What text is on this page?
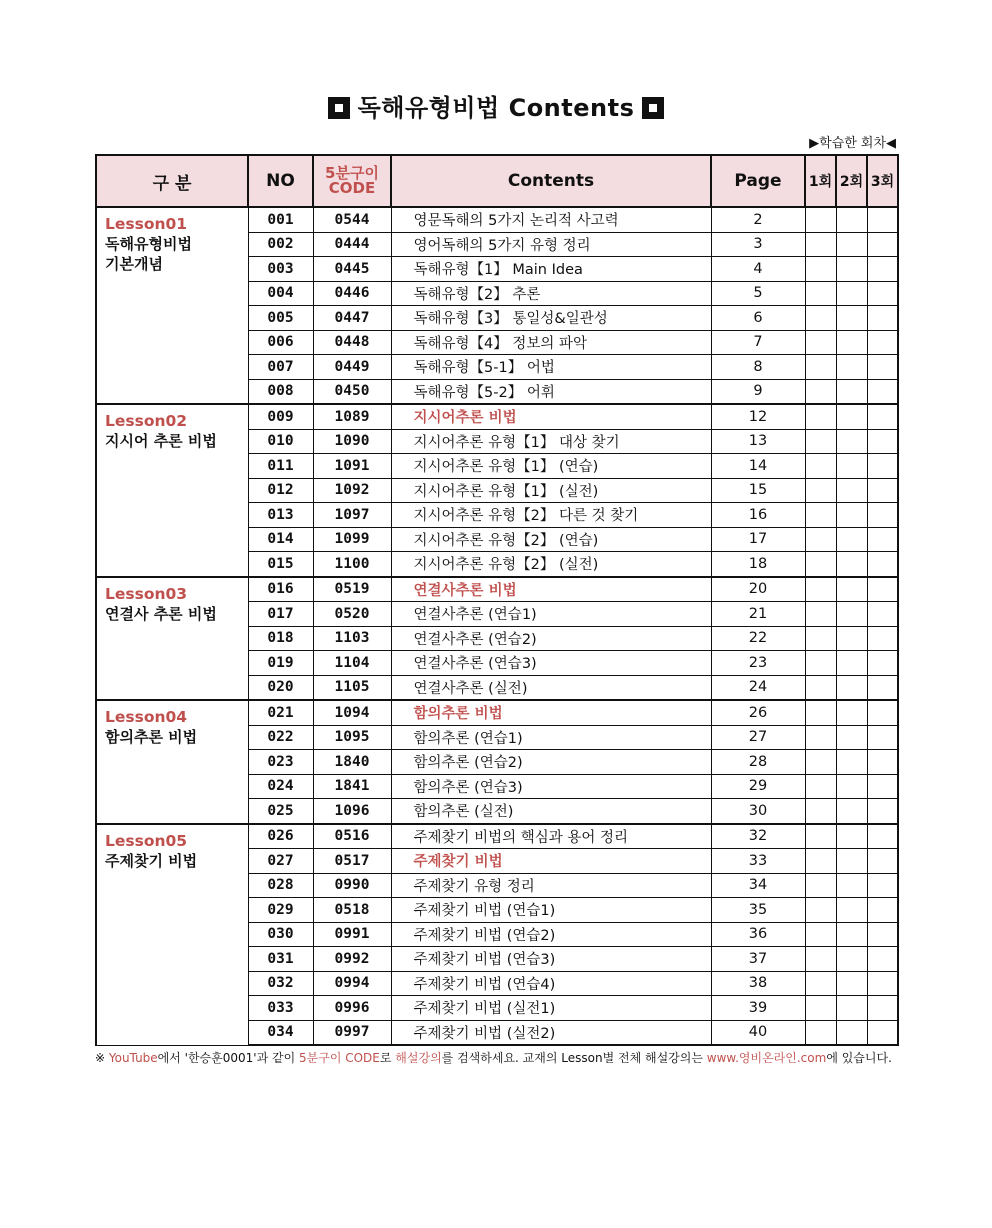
독해유형비법 Contents
▶학습한 회차◀
구 분	NO	5분구이
CODE	Contents	Page	1회	2회	3회

Lesson01
독해유형비법
기본개념	001	0544	영문독해의 5가지 논리적 사고력	2			
	002	0444	영어독해의 5가지 유형 정리	3			
	003	0445	독해유형【1】 Main Idea	4			
	004	0446	독해유형【2】 추론	5			
	005	0447	독해유형【3】 통일성&일관성	6			
	006	0448	독해유형【4】 정보의 파악	7			
	007	0449	독해유형【5-1】 어법	8			
	008	0450	독해유형【5-2】 어휘	9			

Lesson02
지시어 추론 비법	009	1089	지시어추론 비법	12			
	010	1090	지시어추론 유형【1】 대상 찾기	13			
	011	1091	지시어추론 유형【1】 (연습)	14			
	012	1092	지시어추론 유형【1】 (실전)	15			
	013	1097	지시어추론 유형【2】 다른 것 찾기	16			
	014	1099	지시어추론 유형【2】 (연습)	17			
	015	1100	지시어추론 유형【2】 (실전)	18			

Lesson03
연결사 추론 비법	016	0519	연결사추론 비법	20			
	017	0520	연결사추론 (연습1)	21			
	018	1103	연결사추론 (연습2)	22			
	019	1104	연결사추론 (연습3)	23			
	020	1105	연결사추론 (실전)	24			

Lesson04
함의추론 비법	021	1094	함의추론 비법	26			
	022	1095	함의추론 (연습1)	27			
	023	1840	함의추론 (연습2)	28			
	024	1841	함의추론 (연습3)	29			
	025	1096	함의추론 (실전)	30			

Lesson05
주제찾기 비법	026	0516	주제찾기 비법의 핵심과 용어 정리	32			
	027	0517	주제찾기 비법	33			
	028	0990	주제찾기 유형 정리	34			
	029	0518	주제찾기 비법 (연습1)	35			
	030	0991	주제찾기 비법 (연습2)	36			
	031	0992	주제찾기 비법 (연습3)	37			
	032	0994	주제찾기 비법 (연습4)	38			
	033	0996	주제찾기 비법 (실전1)	39			
	034	0997	주제찾기 비법 (실전2)	40			
※ YouTube에서 '한승훈0001'과 같이 5분구이 CODE로 해설강의를 검색하세요. 교재의 Lesson별 전체 해설강의는 www.영비온라인.com에 있습니다.
